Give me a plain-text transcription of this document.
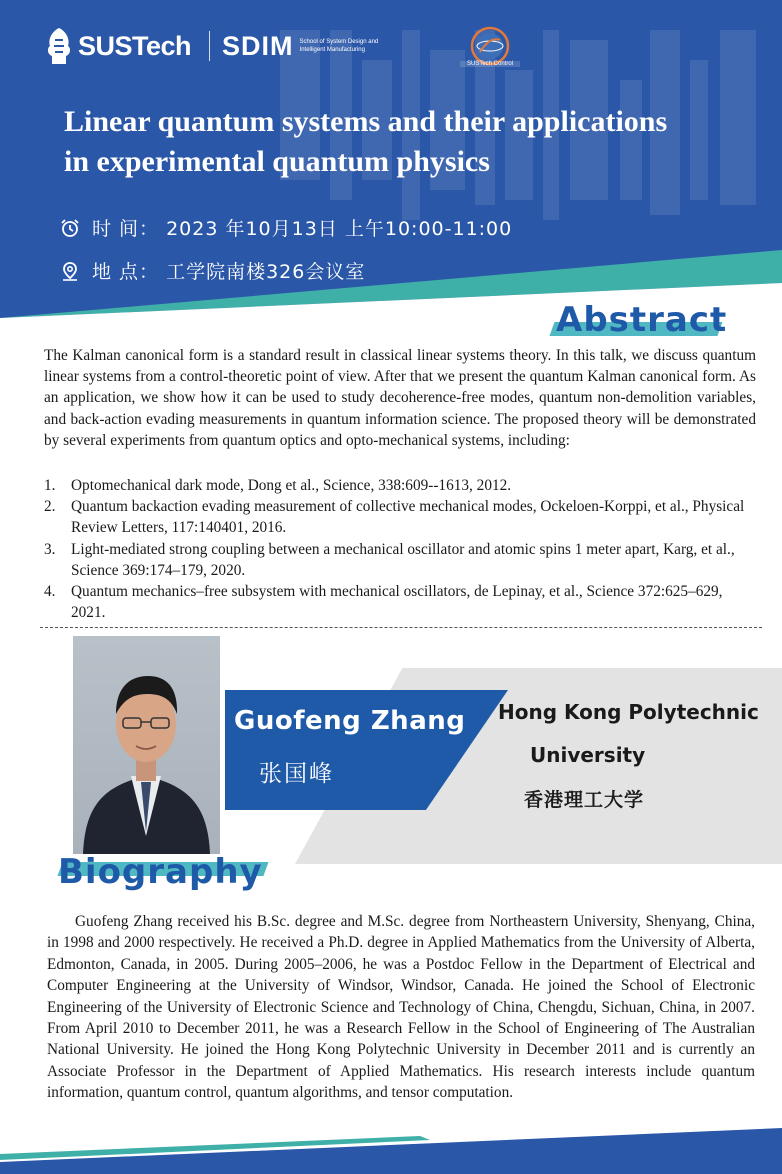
SUSTech SDIM School of System Design and Intelligent Manufacturing
SUSTech Control
Linear quantum systems and their applications
in experimental quantum physics
时 间： 2023 年10月13日 上午10:00-11:00
地 点： 工学院南楼326会议室
Abstract

The Kalman canonical form is a standard result in classical linear systems theory. In this talk, we discuss quantum linear systems from a control-theoretic point of view. After that we present the quantum Kalman canonical form. As an application, we show how it can be used to study decoherence-free modes, quantum non-demolition variables, and back-action evading measurements in quantum information science. The proposed theory will be demonstrated by several experiments from quantum optics and opto-mechanical systems, including:

1. Optomechanical dark mode, Dong et al., Science, 338:609--1613, 2012.
2. Quantum backaction evading measurement of collective mechanical modes, Ockeloen-Korppi, et al., Physical Review Letters, 117:140401, 2016.
3. Light-mediated strong coupling between a mechanical oscillator and atomic spins 1 meter apart, Karg, et al., Science 369:174–179, 2020.
4. Quantum mechanics–free subsystem with mechanical oscillators, de Lepinay, et al., Science 372:625–629, 2021.
Guofeng Zhang
张国峰
Hong Kong Polytechnic
University
香港理工大学
Biography

Guofeng Zhang received his B.Sc. degree and M.Sc. degree from Northeastern University, Shenyang, China, in 1998 and 2000 respectively. He received a Ph.D. degree in Applied Mathematics from the University of Alberta, Edmonton, Canada, in 2005. During 2005–2006, he was a Postdoc Fellow in the Department of Electrical and Computer Engineering at the University of Windsor, Windsor, Canada. He joined the School of Electronic Engineering of the University of Electronic Science and Technology of China, Chengdu, Sichuan, China, in 2007. From April 2010 to December 2011, he was a Research Fellow in the School of Engineering of The Australian National University. He joined the Hong Kong Polytechnic University in December 2011 and is currently an Associate Professor in the Department of Applied Mathematics. His research interests include quantum information, quantum control, quantum algorithms, and tensor computation.
